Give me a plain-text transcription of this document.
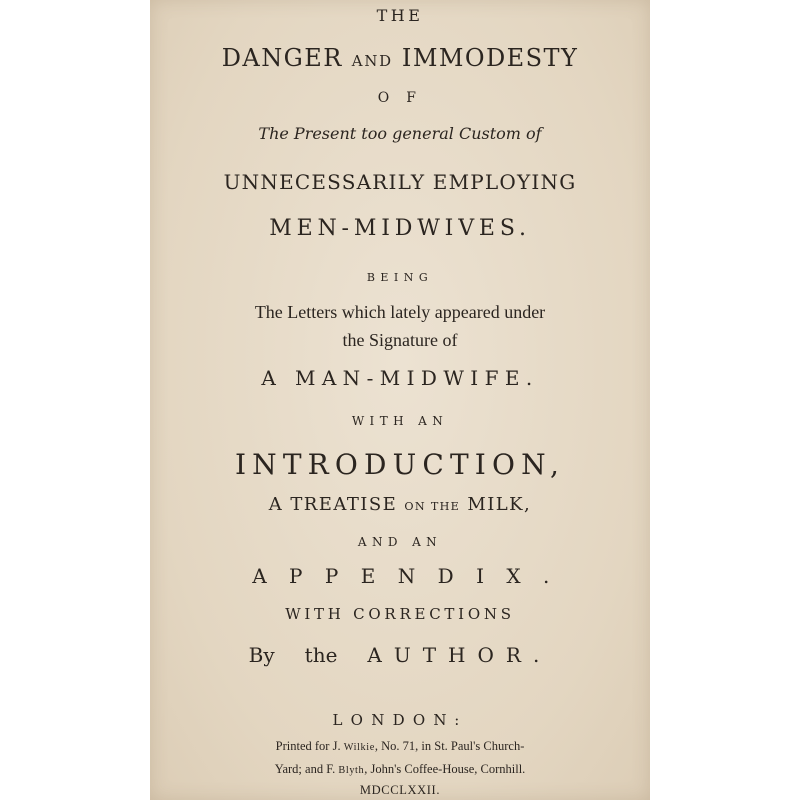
THE
DANGER AND IMMODESTY
O F
The Present too general Custom of
UNNECESSARILY EMPLOYING
MEN-MIDWIVES.
BEING
The Letters which lately appeared under
the Signature of
A MAN-MIDWIFE.
WITH AN
INTRODUCTION,
A TREATISE ON THE MILK,
AND AN
APPENDIX.
WITH CORRECTIONS
By the AUTHOR.
LONDON:
Printed for J. Wilkie, No. 71, in St. Paul's Church-
Yard; and F. Blyth, John's Coffee-House, Cornhill.
MDCCLXXII.
